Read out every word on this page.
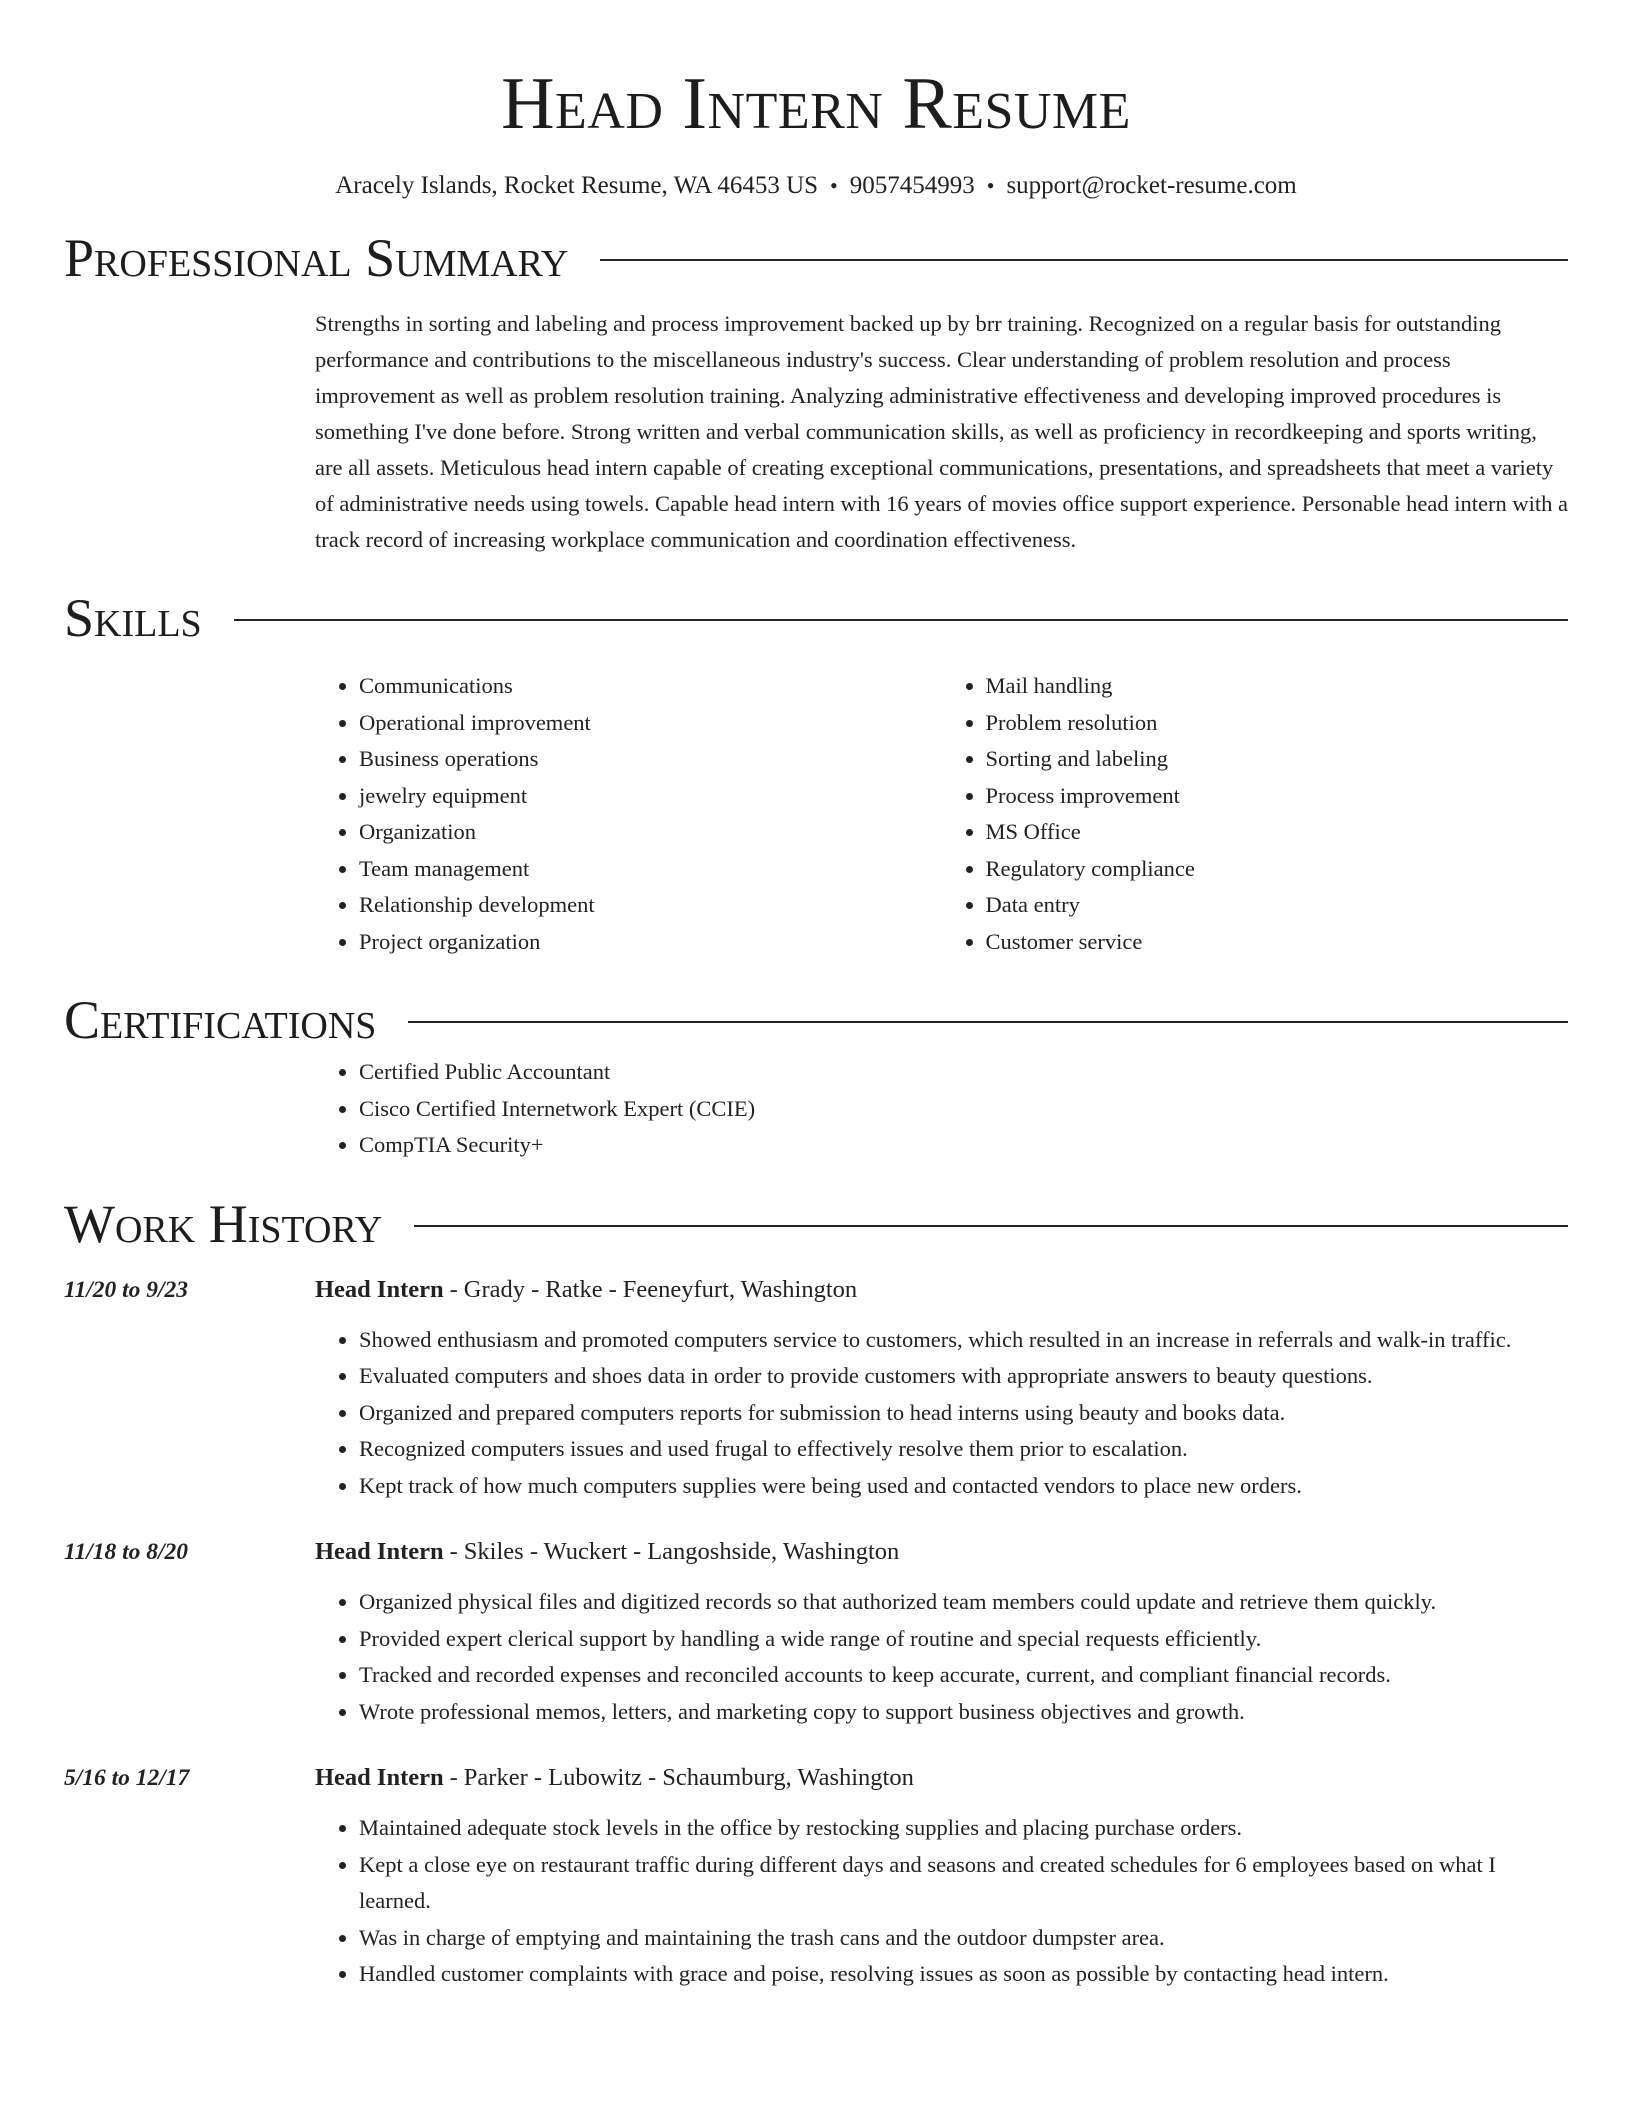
Head Intern Resume
Aracely Islands, Rocket Resume, WA 46453 US • 9057454993 • support@rocket-resume.com
Professional Summary

Strengths in sorting and labeling and process improvement backed up by brr training. Recognized on a regular basis for outstanding performance and contributions to the miscellaneous industry's success. Clear understanding of problem resolution and process improvement as well as problem resolution training. Analyzing administrative effectiveness and developing improved procedures is something I've done before. Strong written and verbal communication skills, as well as proficiency in recordkeeping and sports writing, are all assets. Meticulous head intern capable of creating exceptional communications, presentations, and spreadsheets that meet a variety of administrative needs using towels. Capable head intern with 16 years of movies office support experience. Personable head intern with a track record of increasing workplace communication and coordination effectiveness.

Skills
• Communications
• Operational improvement
• Business operations
• jewelry equipment
• Organization
• Team management
• Relationship development
• Project organization
• Mail handling
• Problem resolution
• Sorting and labeling
• Process improvement
• MS Office
• Regulatory compliance
• Data entry
• Customer service
Certifications
• Certified Public Accountant
• Cisco Certified Internetwork Expert (CCIE)
• CompTIA Security+
Work History
11/20 to 9/23	Head Intern - Grady - Ratke - Feeneyfurt, Washington
• Showed enthusiasm and promoted computers service to customers, which resulted in an increase in referrals and walk-in traffic.
• Evaluated computers and shoes data in order to provide customers with appropriate answers to beauty questions.
• Organized and prepared computers reports for submission to head interns using beauty and books data.
• Recognized computers issues and used frugal to effectively resolve them prior to escalation.
• Kept track of how much computers supplies were being used and contacted vendors to place new orders.
11/18 to 8/20	Head Intern - Skiles - Wuckert - Langoshside, Washington
• Organized physical files and digitized records so that authorized team members could update and retrieve them quickly.
• Provided expert clerical support by handling a wide range of routine and special requests efficiently.
• Tracked and recorded expenses and reconciled accounts to keep accurate, current, and compliant financial records.
• Wrote professional memos, letters, and marketing copy to support business objectives and growth.
5/16 to 12/17	Head Intern - Parker - Lubowitz - Schaumburg, Washington
• Maintained adequate stock levels in the office by restocking supplies and placing purchase orders.
• Kept a close eye on restaurant traffic during different days and seasons and created schedules for 6 employees based on what I learned.
• Was in charge of emptying and maintaining the trash cans and the outdoor dumpster area.
• Handled customer complaints with grace and poise, resolving issues as soon as possible by contacting head intern.
